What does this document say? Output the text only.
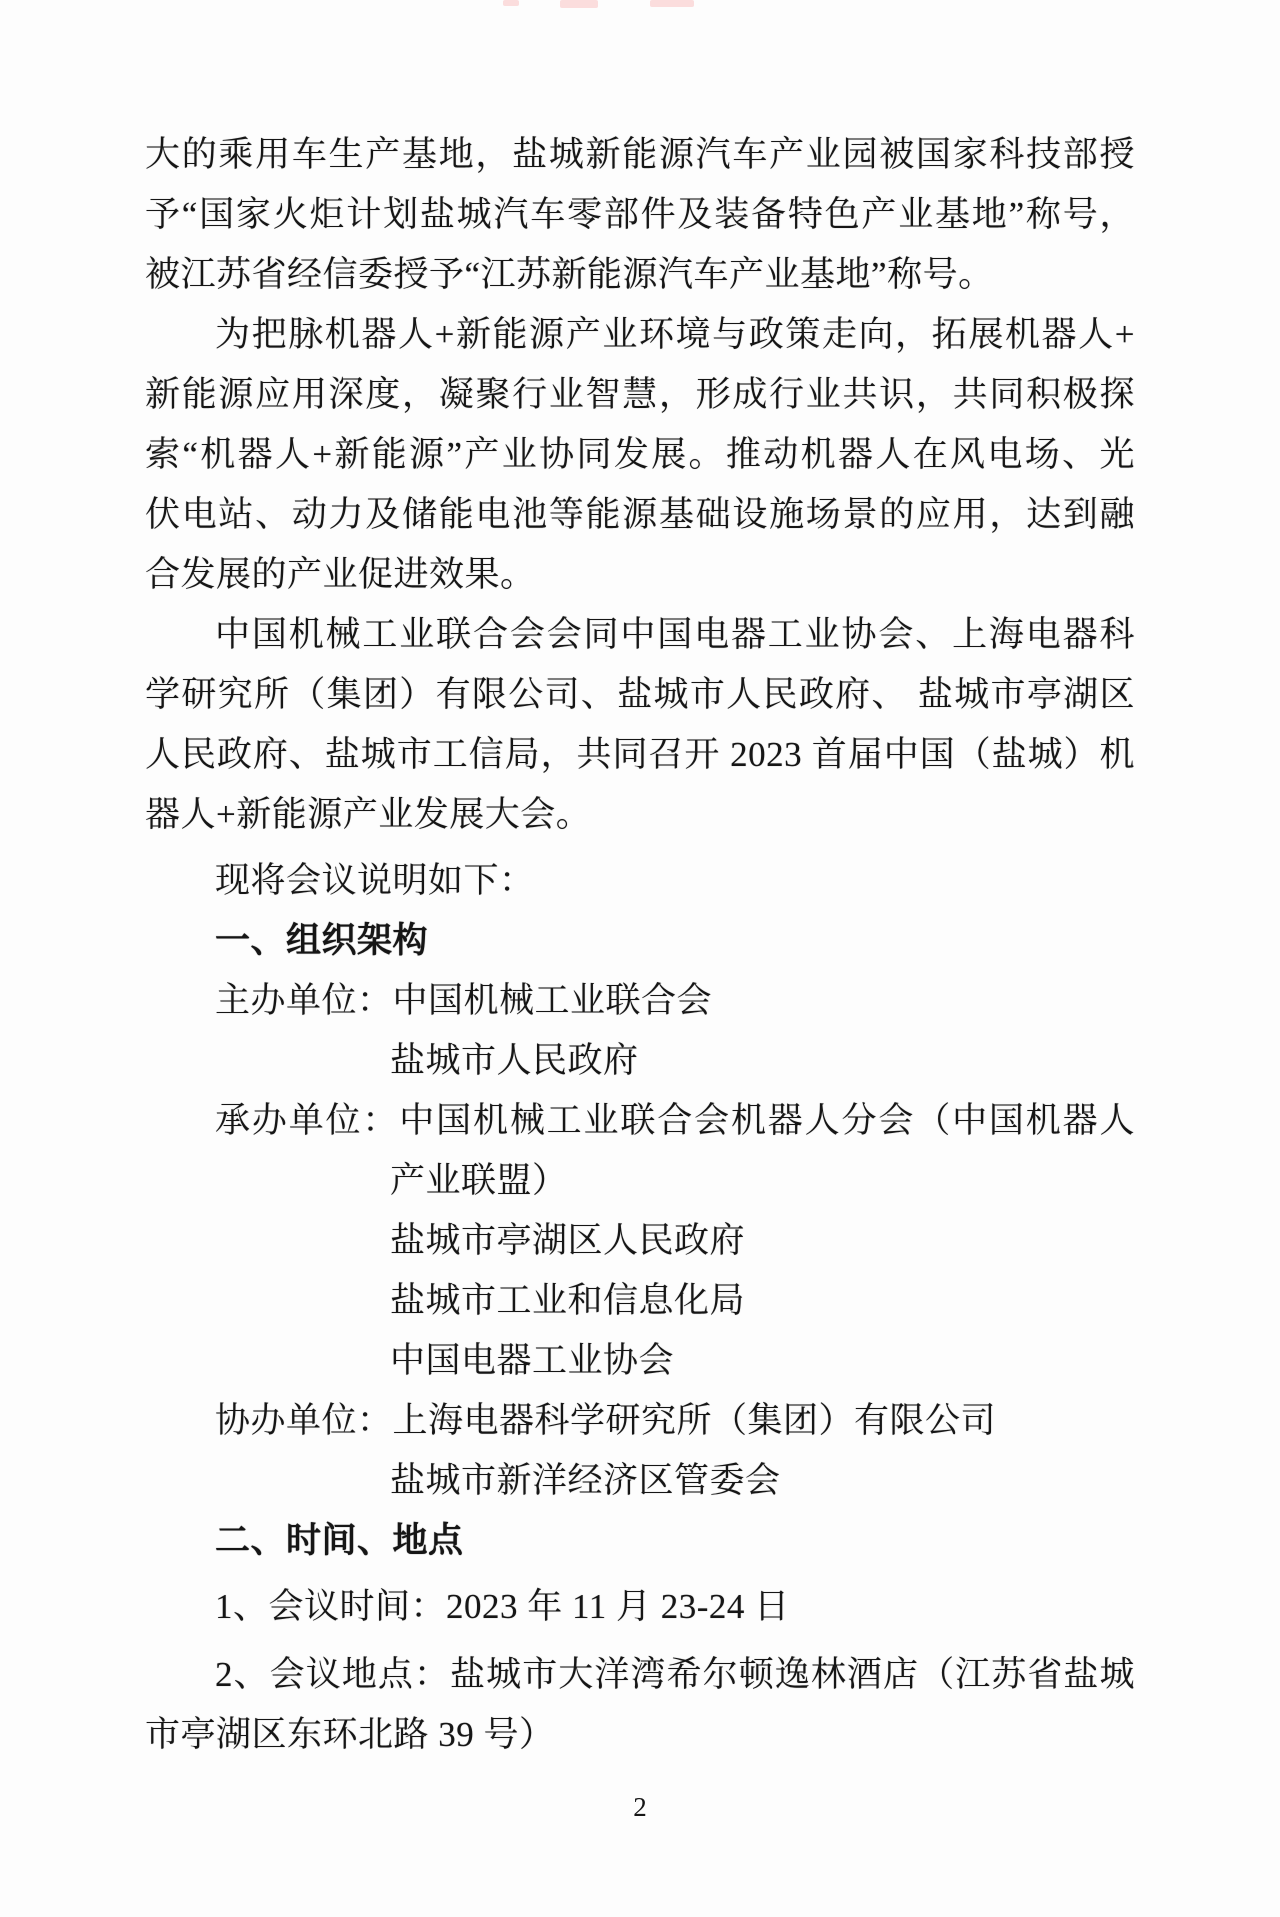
大的乘用车生产基地，盐城新能源汽车产业园被国家科技部授
予“国家火炬计划盐城汽车零部件及装备特色产业基地”称号，
被江苏省经信委授予“江苏新能源汽车产业基地”称号。
为把脉机器人+新能源产业环境与政策走向，拓展机器人+
新能源应用深度，凝聚行业智慧，形成行业共识，共同积极探
索“机器人+新能源”产业协同发展。推动机器人在风电场、光
伏电站、动力及储能电池等能源基础设施场景的应用，达到融
合发展的产业促进效果。
中国机械工业联合会会同中国电器工业协会、上海电器科
学研究所（集团）有限公司、盐城市人民政府、 盐城市亭湖区
人民政府、盐城市工信局，共同召开 2023 首届中国（盐城）机
器人+新能源产业发展大会。
现将会议说明如下：
一、组织架构
主办单位：中国机械工业联合会
盐城市人民政府
承办单位：中国机械工业联合会机器人分会（中国机器人
产业联盟）
盐城市亭湖区人民政府
盐城市工业和信息化局
中国电器工业协会
协办单位：上海电器科学研究所（集团）有限公司
盐城市新洋经济区管委会
二、时间、地点
1、会议时间：2023 年 11 月 23-24 日
2、会议地点：盐城市大洋湾希尔顿逸林酒店（江苏省盐城
市亭湖区东环北路 39 号）
2
